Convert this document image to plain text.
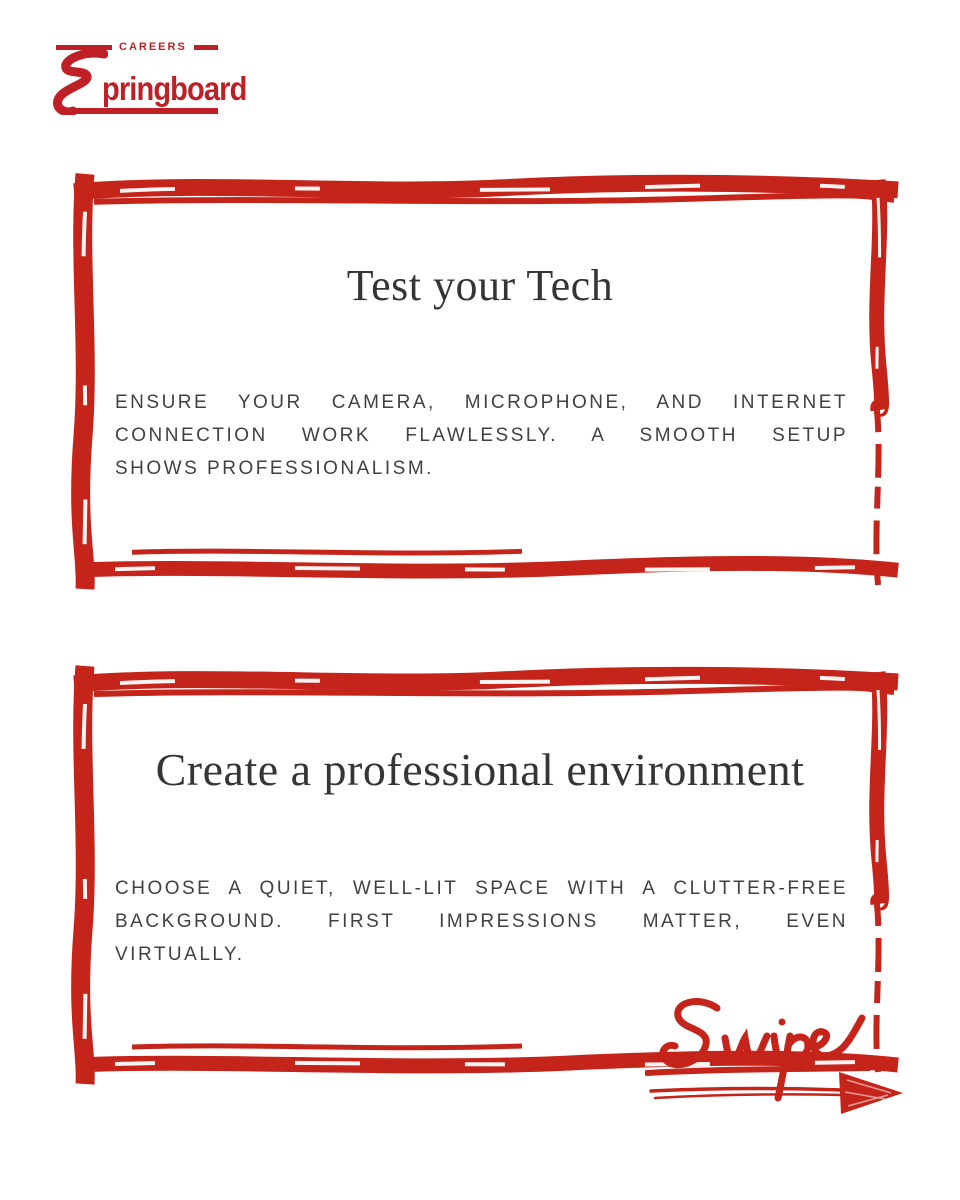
CAREERS
pringboard
Test your Tech
ENSURE YOUR CAMERA, MICROPHONE, AND INTERNET
CONNECTION WORK FLAWLESSLY. A SMOOTH SETUP
SHOWS PROFESSIONALISM.
Create a professional environment
CHOOSE A QUIET, WELL-LIT SPACE WITH A CLUTTER-FREE
BACKGROUND. FIRST IMPRESSIONS MATTER, EVEN
VIRTUALLY.
